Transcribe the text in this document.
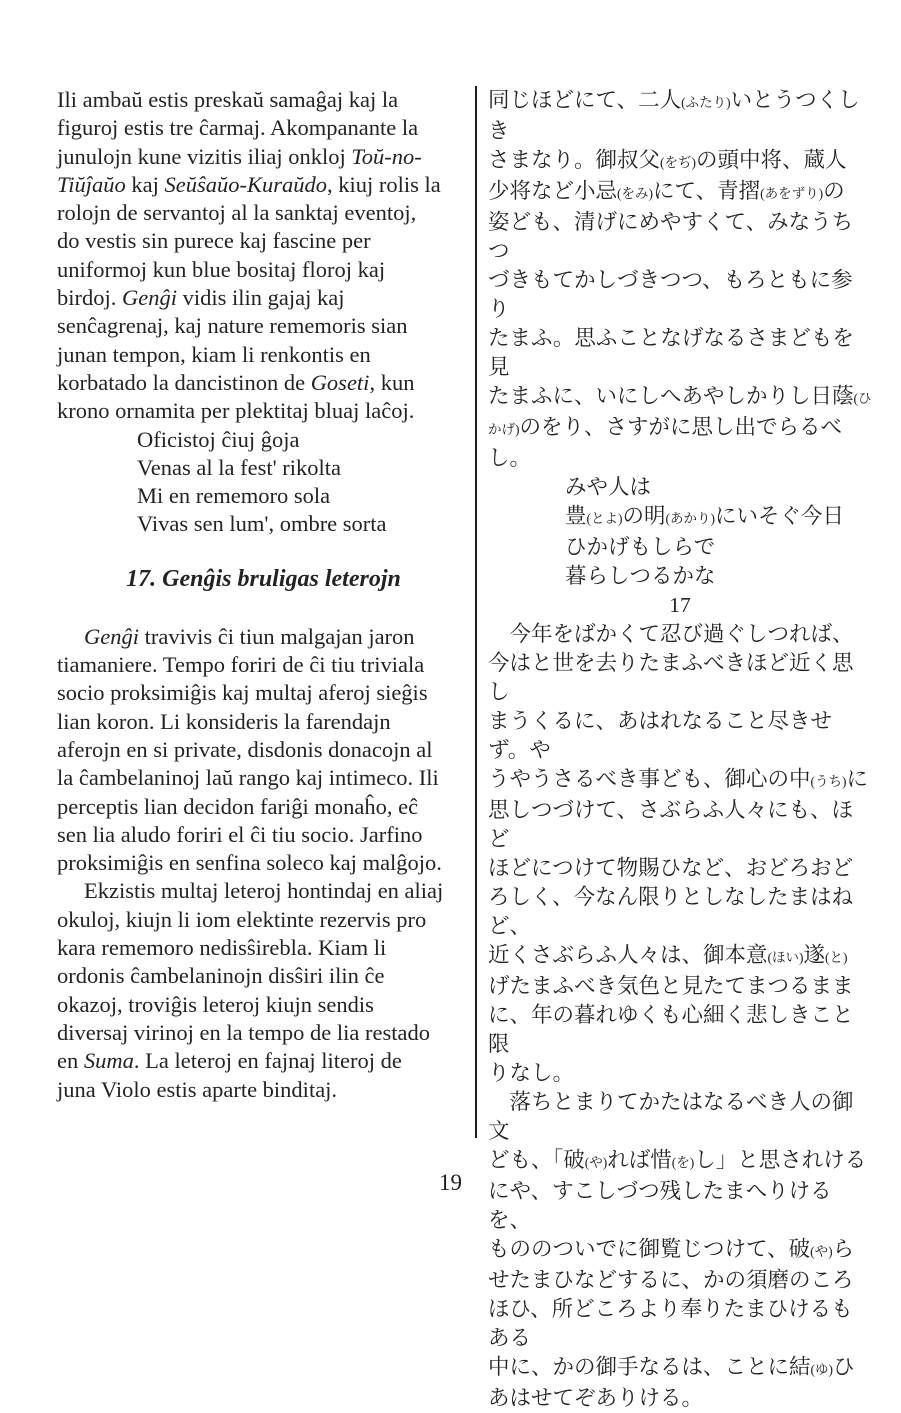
Ili ambaŭ estis preskaŭ samaĝaj kaj la
figuroj estis tre ĉarmaj. Akompanante la
junulojn kune vizitis iliaj onkloj Toŭ-no-
Tiŭĵaŭo kaj Seŭŝaŭo-Kuraŭdo, kiuj rolis la
rolojn de servantoj al la sanktaj eventoj,
do vestis sin purece kaj fascine per
uniformoj kun blue bositaj floroj kaj
birdoj. Genĝi vidis ilin gajaj kaj
senĉagrenaj, kaj nature rememoris sian
junan tempon, kiam li renkontis en
korbatado la dancistinon de Goseti, kun
krono ornamita per plektitaj bluaj laĉoj.
Oficistoj ĉiuj ĝoja
Venas al la fest' rikolta
Mi en rememoro sola
Vivas sen lum', ombre sorta
17. Genĝis bruligas leterojn
Genĝi travivis ĉi tiun malgajan jaron
tiamaniere. Tempo foriri de ĉi tiu triviala
socio proksimiĝis kaj multaj aferoj sieĝis
lian koron. Li konsideris la farendajn
aferojn en si private, disdonis donacojn al
la ĉambelaninoj laŭ rango kaj intimeco. Ili
perceptis lian decidon fariĝi monaĥo, eĉ
sen lia aludo foriri el ĉi tiu socio. Jarfino
proksimiĝis en senfina soleco kaj malĝojo.
Ekzistis multaj leteroj hontindaj en aliaj
okuloj, kiujn li iom elektinte rezervis pro
kara rememoro nedisŝirebla. Kiam li
ordonis ĉambelaninojn disŝiri ilin ĉe
okazoj, troviĝis leteroj kiujn sendis
diversaj virinoj en la tempo de lia restado
en Suma. La leteroj en fajnaj literoj de
juna Violo estis aparte binditaj.
同じほどにて、二人(ふたり)いとうつくしき
さまなり。御叔父(をぢ)の頭中将、蔵人
少将など小忌(をみ)にて、青摺(あをずり)の
姿ども、清げにめやすくて、みなうちつ
づきもてかしづきつつ、もろともに参り
たまふ。思ふことなげなるさまどもを見
たまふに、いにしへあやしかりし日蔭(ひ
かげ)のをり、さすがに思し出でらるべし。
みや人は
豊(とよ)の明(あかり)にいそぐ今日
ひかげもしらで
暮らしつるかな
17
　今年をばかくて忍び過ぐしつれば、
今はと世を去りたまふべきほど近く思し
まうくるに、あはれなること尽きせず。や
うやうさるべき事ども、御心の中(うち)に
思しつづけて、さぶらふ人々にも、ほど
ほどにつけて物賜ひなど、おどろおど
ろしく、今なん限りとしなしたまはねど、
近くさぶらふ人々は、御本意(ほい)遂(と)
げたまふべき気色と見たてまつるまま
に、年の暮れゆくも心細く悲しきこと限
りなし。
　落ちとまりてかたはなるべき人の御文
ども、「破(や)れば惜(を)し」と思されける
にや、すこしづつ残したまへりけるを、
もののついでに御覧じつけて、破(や)ら
せたまひなどするに、かの須磨のころ
ほひ、所どころより奉りたまひけるもある
中に、かの御手なるは、ことに結(ゆ)ひ
あはせてぞありける。
19
